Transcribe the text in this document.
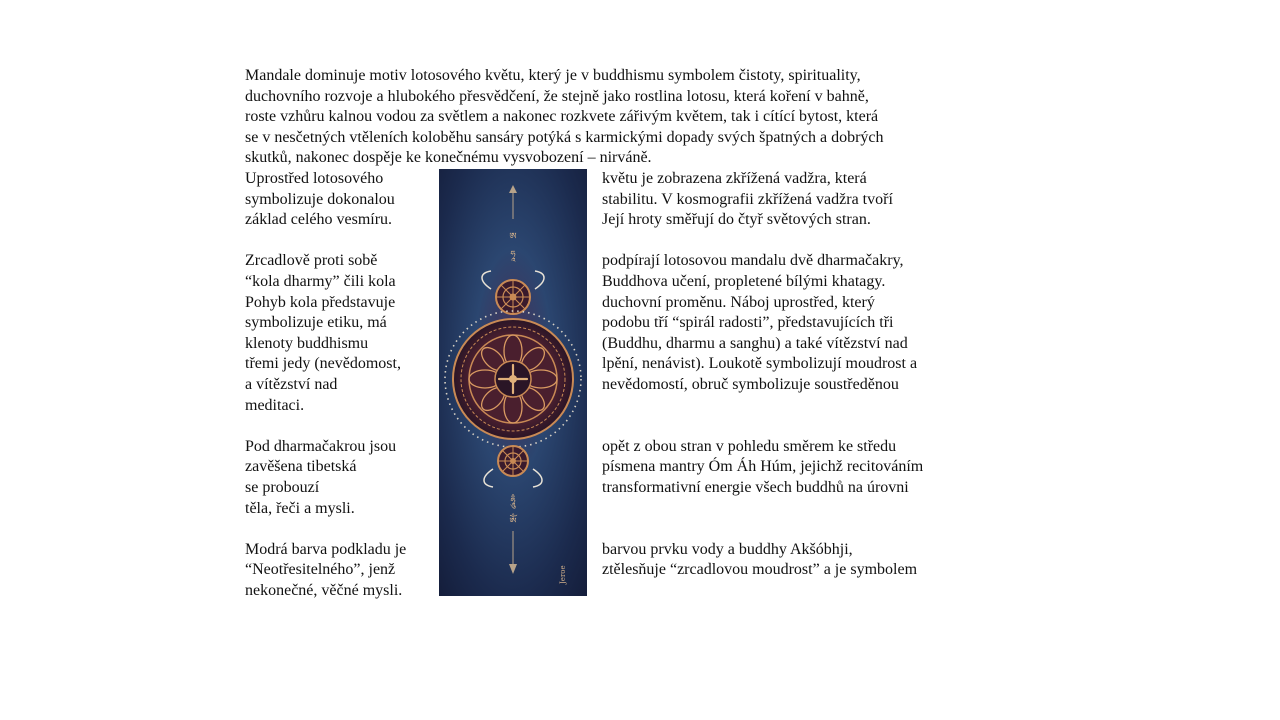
Mandale dominuje motiv lotosového květu, který je v buddhismu symbolem čistoty, spirituality,
duchovního rozvoje a hlubokého přesvědčení, že stejně jako rostlina lotosu, která koření v bahně,
roste vzhůru kalnou vodou za světlem a nakonec rozkvete zářivým květem, tak i cítící bytost, která
se v nesčetných vtěleních koloběhu sansáry potýká s karmickými dopady svých špatných a dobrých
skutků, nakonec dospěje ke konečnému vysvobození – nirváně.
Uprostřed lotosového
symbolizuje dokonalou
základ celého vesmíru.
Zrcadlově proti sobě
“kola dharmy” čili kola
Pohyb kola představuje
symbolizuje etiku, má
klenoty buddhismu
třemi jedy (nevědomost,
a vítězství nad
meditaci.
Pod dharmačakrou jsou
zavěšena tibetská
se probouzí
těla, řeči a mysli.
Modrá barva podkladu je
“Neotřesitelného”, jenž
nekonečné, věčné mysli.
ཨ
ཧཱ
ཧཱུྃ
ཨོཾ
Jeroe
květu je zobrazena zkřížená vadžra, která
stabilitu. V kosmografii zkřížená vadžra tvoří
Její hroty směřují do čtyř světových stran.
podpírají lotosovou mandalu dvě dharmačakry,
Buddhova učení, propletené bílými khatagy.
duchovní proměnu. Náboj uprostřed, který
podobu tří “spirál radosti”, představujících tři
(Buddhu, dharmu a sanghu) a také vítězství nad
lpění, nenávist). Loukotě symbolizují moudrost a
nevědomostí, obruč symbolizuje soustředěnou
opět z obou stran v pohledu směrem ke středu
písmena mantry Óm Áh Húm, jejichž recitováním
transformativní energie všech buddhů na úrovni
barvou prvku vody a buddhy Akšóbhji,
ztělesňuje “zrcadlovou moudrost” a je symbolem
